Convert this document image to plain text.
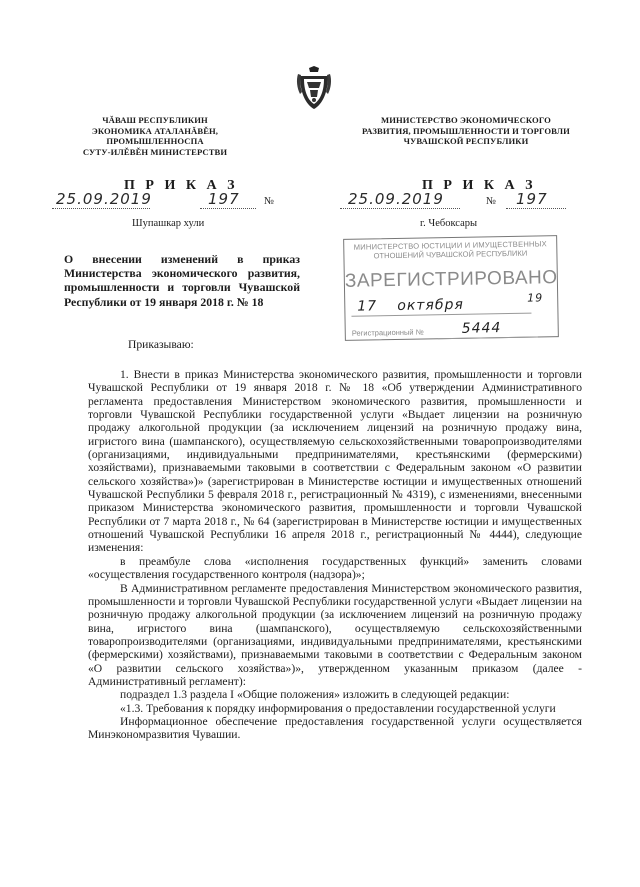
ЧĂВАШ РЕСПУБЛИКИН
ЭКОНОМИКА АТАЛАНĂВĚН, ПРОМЫШЛЕННОСПА
СУТУ-ИЛĚВĚН МИНИСТЕРСТВИ
МИНИСТЕРСТВО ЭКОНОМИЧЕСКОГО
РАЗВИТИЯ, ПРОМЫШЛЕННОСТИ И ТОРГОВЛИ
ЧУВАШСКОЙ РЕСПУБЛИКИ
П Р И К А З
25.09.2019	197 №
Шупашкар хули
П Р И К А З
25.09.2019	№ 197
г. Чебоксары
МИНИСТЕРСТВО ЮСТИЦИИ И ИМУЩЕСТВЕННЫХ
ОТНОШЕНИЙ ЧУВАШСКОЙ РЕСПУБЛИКИ
ЗАРЕГИСТРИРОВАНО
17 октября	19
Регистрационный №	5444
О внесении изменений в приказ Министерства экономического развития, промышленности и торговли Чувашской Республики от 19 января 2018 г. № 18
Приказываю:

1. Внести в приказ Министерства экономического развития, промышленности и торговли Чувашской Республики от 19 января 2018 г. № 18 «Об утверждении Административного регламента предоставления Министерством экономического развития, промышленности и торговли Чувашской Республики государственной услуги «Выдает лицензии на розничную продажу алкогольной продукции (за исключением лицензий на розничную продажу вина, игристого вина (шампанского), осуществляемую сельскохозяйственными товаропроизводителями (организациями, индивидуальными предпринимателями, крестьянскими (фермерскими) хозяйствами), признаваемыми таковыми в соответствии с Федеральным законом «О развитии сельского хозяйства»)» (зарегистрирован в Министерстве юстиции и имущественных отношений Чувашской Республики 5 февраля 2018 г., регистрационный № 4319), с изменениями, внесенными приказом Министерства экономического развития, промышленности и торговли Чувашской Республики от 7 марта 2018 г., № 64 (зарегистрирован в Министерстве юстиции и имущественных отношений Чувашской Республики 16 апреля 2018 г., регистрационный № 4444), следующие изменения:

в преамбуле слова «исполнения государственных функций» заменить словами «осуществления государственного контроля (надзора)»;

В Административном регламенте предоставления Министерством экономического развития, промышленности и торговли Чувашской Республики государственной услуги «Выдает лицензии на розничную продажу алкогольной продукции (за исключением лицензий на розничную продажу вина, игристого вина (шампанского), осуществляемую сельскохозяйственными товаропроизводителями (организациями, индивидуальными предпринимателями, крестьянскими (фермерскими) хозяйствами), признаваемыми таковыми в соответствии с Федеральным законом «О развитии сельского хозяйства»)», утвержденном указанным приказом (далее - Административный регламент):

подраздел 1.3 раздела I «Общие положения» изложить в следующей редакции:

«1.3. Требования к порядку информирования о предоставлении государственной услуги

Информационное обеспечение предоставления государственной услуги осуществляется Минэкономразвития Чувашии.
